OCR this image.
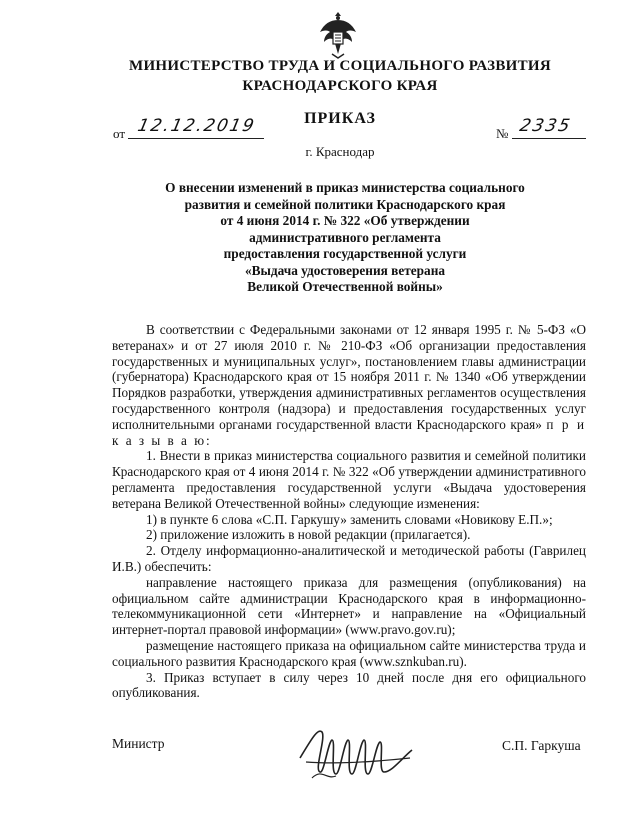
МИНИСТЕРСТВО ТРУДА И СОЦИАЛЬНОГО РАЗВИТИЯ
КРАСНОДАРСКОГО КРАЯ
ПРИКАЗ
от 12.12.2019	№ 2335
г. Краснодар
О внесении изменений в приказ министерства социального
развития и семейной политики Краснодарского края
от 4 июня 2014 г. № 322 «Об утверждении
административного регламента
предоставления государственной услуги
«Выдача удостоверения ветерана
Великой Отечественной войны»

В соответствии с Федеральными законами от 12 января 1995 г. № 5-ФЗ «О ветеранах» и от 27 июля 2010 г. № 210-ФЗ «Об организации предоставления государственных и муниципальных услуг», постановлением главы администрации (губернатора) Краснодарского края от 15 ноября 2011 г. № 1340 «Об утверждении Порядков разработки, утверждения административных регламентов осуществления государственного контроля (надзора) и предоставления государственных услуг исполнительными органами государственной власти Краснодарского края» п р и к а з ы в а ю:

1. Внести в приказ министерства социального развития и семейной политики Краснодарского края от 4 июня 2014 г. № 322 «Об утверждении административного регламента предоставления государственной услуги «Выдача удостоверения ветерана Великой Отечественной войны» следующие изменения:

1) в пункте 6 слова «С.П. Гаркушу» заменить словами «Новикову Е.П.»;

2) приложение изложить в новой редакции (прилагается).

2. Отделу информационно-аналитической и методической работы (Гаврилец И.В.) обеспечить:

направление настоящего приказа для размещения (опубликования) на официальном сайте администрации Краснодарского края в информационно-телекоммуникационной сети «Интернет» и направление на «Официальный интернет-портал правовой информации» (www.pravo.gov.ru);

размещение настоящего приказа на официальном сайте министерства труда и социального развития Краснодарского края (www.sznkuban.ru).

3. Приказ вступает в силу через 10 дней после дня его официального опубликования.

Министр	С.П. Гаркуша
